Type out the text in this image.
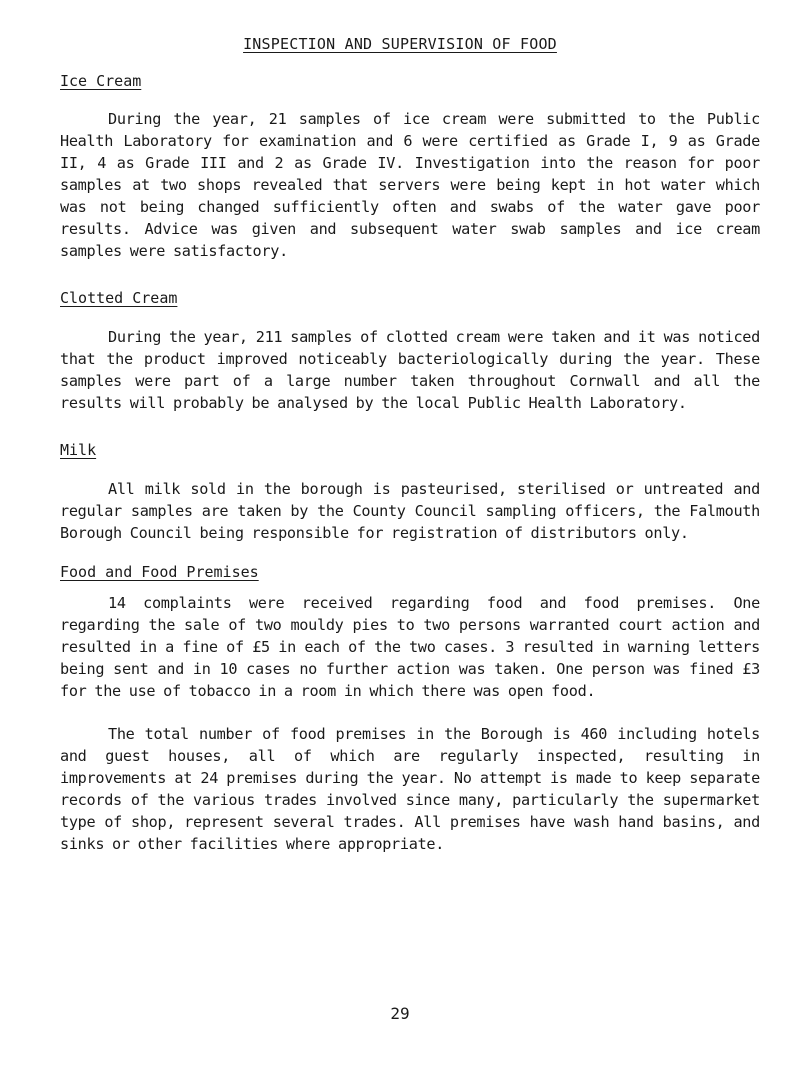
INSPECTION AND SUPERVISION OF FOOD
Ice Cream
During the year, 21 samples of ice cream were submitted to the Public Health Laboratory for examination and 6 were certified as Grade I, 9 as Grade II, 4 as Grade III and 2 as Grade IV. Investigation into the reason for poor samples at two shops revealed that servers were being kept in hot water which was not being changed sufficiently often and swabs of the water gave poor results. Advice was given and subsequent water swab samples and ice cream samples were satisfactory.
Clotted Cream
During the year, 211 samples of clotted cream were taken and it was noticed that the product improved noticeably bacteriologically during the year. These samples were part of a large number taken throughout Cornwall and all the results will probably be analysed by the local Public Health Laboratory.
Milk
All milk sold in the borough is pasteurised, sterilised or untreated and regular samples are taken by the County Council sampling officers, the Falmouth Borough Council being responsible for registration of distributors only.
Food and Food Premises
14 complaints were received regarding food and food premises. One regarding the sale of two mouldy pies to two persons warranted court action and resulted in a fine of £5 in each of the two cases. 3 resulted in warning letters being sent and in 10 cases no further action was taken. One person was fined £3 for the use of tobacco in a room in which there was open food.
The total number of food premises in the Borough is 460 including hotels and guest houses, all of which are regularly inspected, resulting in improvements at 24 premises during the year. No attempt is made to keep separate records of the various trades involved since many, particularly the supermarket type of shop, represent several trades. All premises have wash hand basins, and sinks or other facilities where appropriate.
29
